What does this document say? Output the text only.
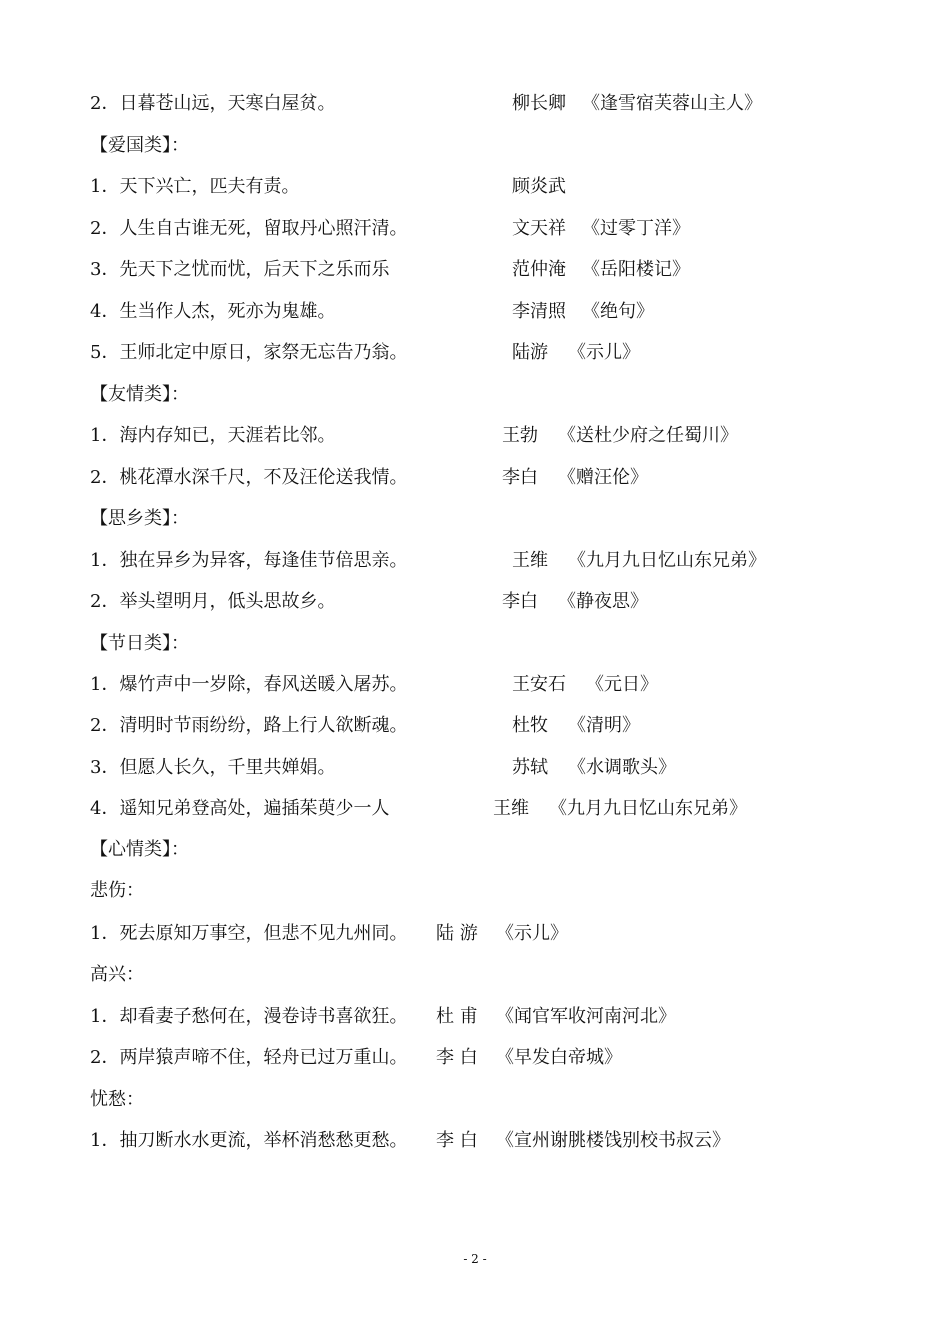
2．日暮苍山远，天寒白屋贫。	柳长卿 《逢雪宿芙蓉山主人》
【爱国类】：
1．天下兴亡，匹夫有责。	顾炎武
2．人生自古谁无死，留取丹心照汗清。	文天祥 《过零丁洋》
3．先天下之忧而忧，后天下之乐而乐	范仲淹 《岳阳楼记》
4．生当作人杰，死亦为鬼雄。	李清照 《绝句》
5．王师北定中原日，家祭无忘告乃翁。	陆游 《示儿》
【友情类】：
1．海内存知已，天涯若比邻。	王勃 《送杜少府之任蜀川》
2．桃花潭水深千尺，不及汪伦送我情。	李白 《赠汪伦》
【思乡类】：
1．独在异乡为异客，每逢佳节倍思亲。	王维 《九月九日忆山东兄弟》
2．举头望明月，低头思故乡。	李白 《静夜思》
【节日类】：
1．爆竹声中一岁除，春风送暖入屠苏。	王安石 《元日》
2．清明时节雨纷纷，路上行人欲断魂。	杜牧 《清明》
3．但愿人长久，千里共婵娟。	苏轼 《水调歌头》
4．遥知兄弟登高处，遍插茱萸少一人	王维 《九月九日忆山东兄弟》
【心情类】：
悲伤：
1．死去原知万事空，但悲不见九州同。 陆 游 《示儿》
高兴：
1．却看妻子愁何在，漫卷诗书喜欲狂。 杜 甫 《闻官军收河南河北》
2．两岸猿声啼不住，轻舟已过万重山。 李 白 《早发白帝城》
忧愁：
1．抽刀断水水更流，举杯消愁愁更愁。 李 白 《宣州谢朓楼饯别校书叔云》
- 2 -
